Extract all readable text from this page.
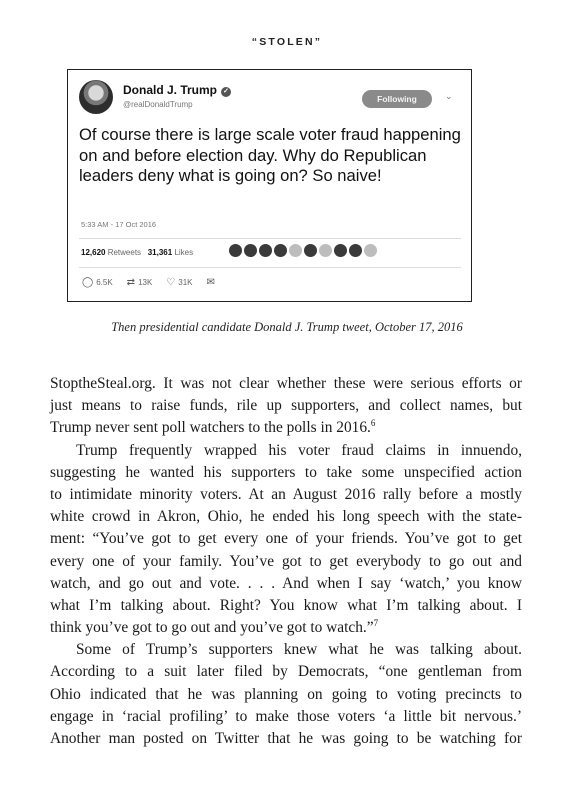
“STOLEN”
Donald J. Trump ✓
@realDonaldTrump
Following	⌄
Of course there is large scale voter fraud happening on and before election day. Why do Republican leaders deny what is going on? So naive!
5:33 AM - 17 Oct 2016
12,620 Retweets 31,361 Likes
◯ 6.5K ⇄ 13K ♡ 31K ✉
Then presidential candidate Donald J. Trump tweet, October 17, 2016
StoptheSteal.org. It was not clear whether these were serious efforts or
just means to raise funds, rile up supporters, and collect names, but
Trump never sent poll watchers to the polls in 2016.$^6$
Trump frequently wrapped his voter fraud claims in innuendo,
suggesting he wanted his supporters to take some unspecified action
to intimidate minority voters. At an August 2016 rally before a mostly
white crowd in Akron, Ohio, he ended his long speech with the state-
ment: “You’ve got to get every one of your friends. You’ve got to get
every one of your family. You’ve got to get everybody to go out and
watch, and go out and vote. . . . And when I say ‘watch,’ you know
what I’m talking about. Right? You know what I’m talking about. I
think you’ve got to go out and you’ve got to watch.”$^7$
Some of Trump’s supporters knew what he was talking about.
According to a suit later filed by Democrats, “one gentleman from
Ohio indicated that he was planning on going to voting precincts to
engage in ‘racial profiling’ to make those voters ‘a little bit nervous.’
Another man posted on Twitter that he was going to be watching for
